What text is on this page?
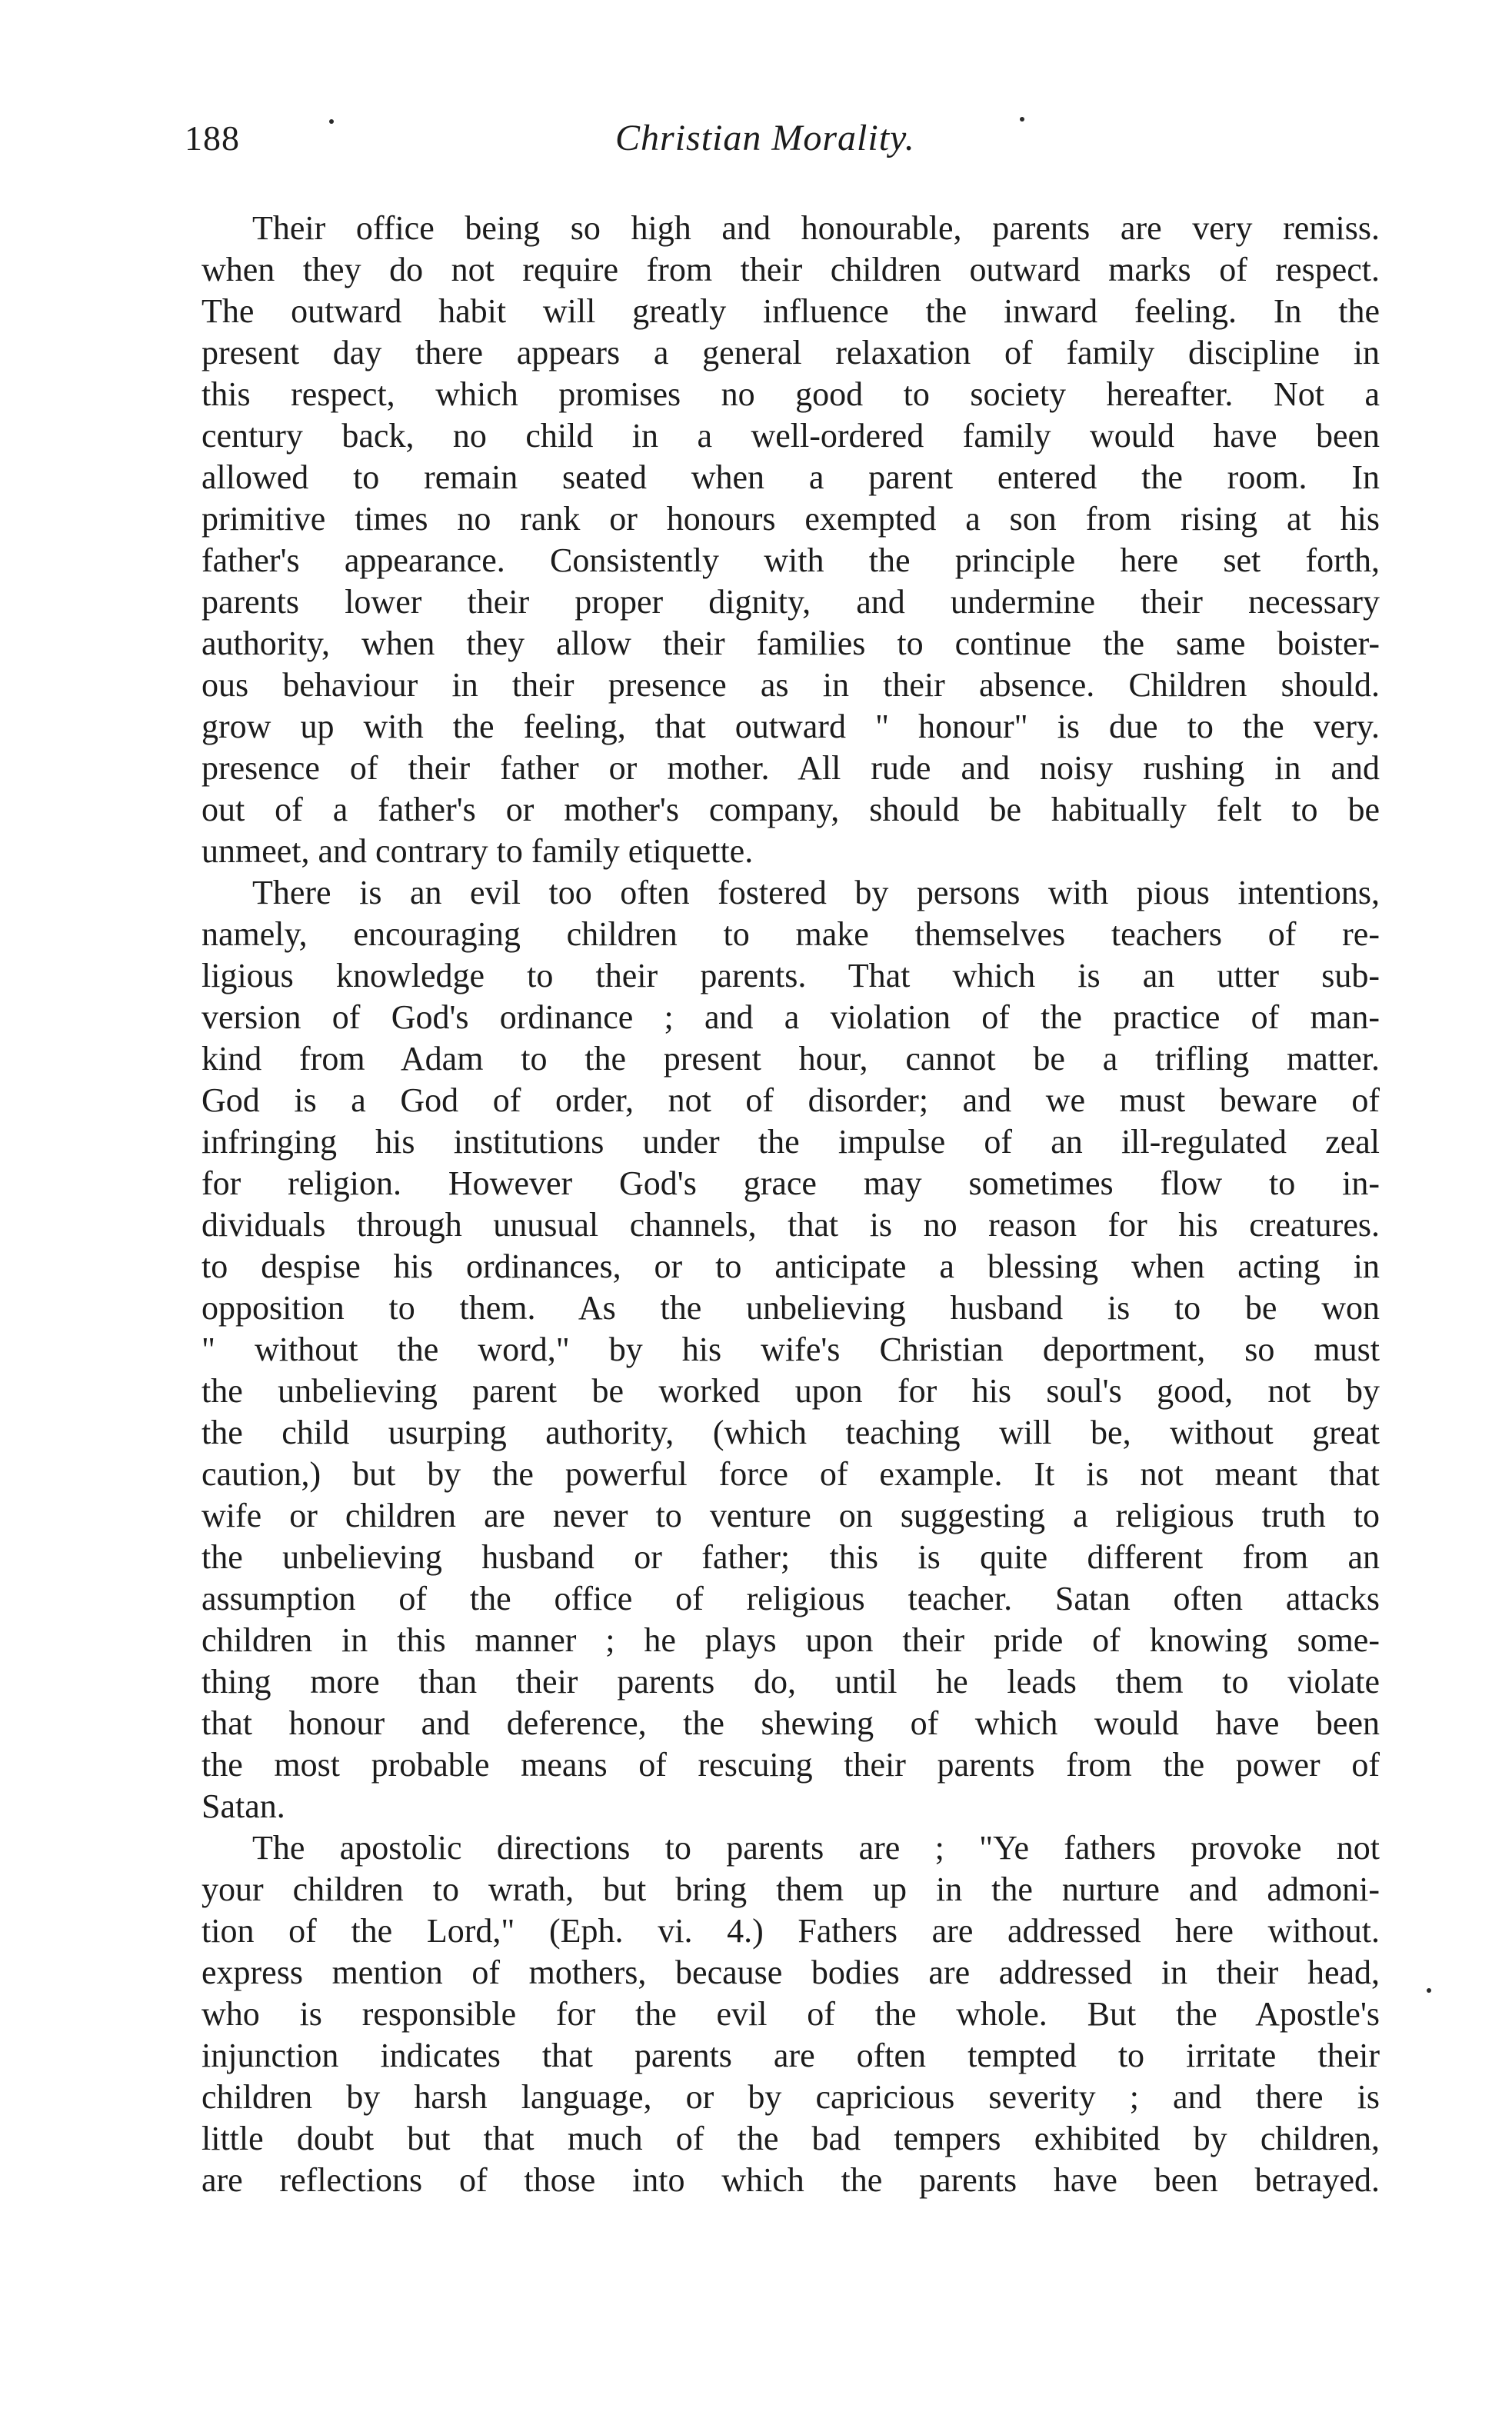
188	Christian Morality.
Their office being so high and honourable, parents are very remiss.
when they do not require from their children outward marks of respect.
The outward habit will greatly influence the inward feeling. In the
present day there appears a general relaxation of family discipline in
this respect, which promises no good to society hereafter. Not a
century back, no child in a well-ordered family would have been
allowed to remain seated when a parent entered the room. In
primitive times no rank or honours exempted a son from rising at his
father's appearance. Consistently with the principle here set forth,
parents lower their proper dignity, and undermine their necessary
authority, when they allow their families to continue the same boister-
ous behaviour in their presence as in their absence. Children should.
grow up with the feeling, that outward " honour" is due to the very.
presence of their father or mother. All rude and noisy rushing in and
out of a father's or mother's company, should be habitually felt to be
unmeet, and contrary to family etiquette.
There is an evil too often fostered by persons with pious intentions,
namely, encouraging children to make themselves teachers of re-
ligious knowledge to their parents. That which is an utter sub-
version of God's ordinance ; and a violation of the practice of man-
kind from Adam to the present hour, cannot be a trifling matter.
God is a God of order, not of disorder; and we must beware of
infringing his institutions under the impulse of an ill-regulated zeal
for religion. However God's grace may sometimes flow to in-
dividuals through unusual channels, that is no reason for his creatures.
to despise his ordinances, or to anticipate a blessing when acting in
opposition to them. As the unbelieving husband is to be won
" without the word," by his wife's Christian deportment, so must
the unbelieving parent be worked upon for his soul's good, not by
the child usurping authority, (which teaching will be, without great
caution,) but by the powerful force of example. It is not meant that
wife or children are never to venture on suggesting a religious truth to
the unbelieving husband or father; this is quite different from an
assumption of the office of religious teacher. Satan often attacks
children in this manner ; he plays upon their pride of knowing some-
thing more than their parents do, until he leads them to violate
that honour and deference, the shewing of which would have been
the most probable means of rescuing their parents from the power of
Satan.
The apostolic directions to parents are ; "Ye fathers provoke not
your children to wrath, but bring them up in the nurture and admoni-
tion of the Lord," (Eph. vi. 4.) Fathers are addressed here without.
express mention of mothers, because bodies are addressed in their head,
who is responsible for the evil of the whole. But the Apostle's
injunction indicates that parents are often tempted to irritate their
children by harsh language, or by capricious severity ; and there is
little doubt but that much of the bad tempers exhibited by children,
are reflections of those into which the parents have been betrayed.
